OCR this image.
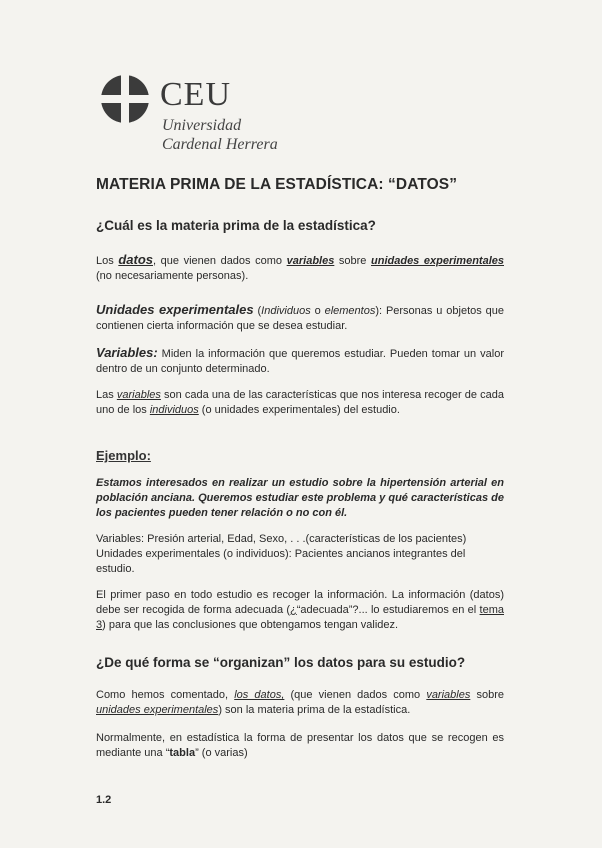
CEU
Universidad
Cardenal Herrera
MATERIA PRIMA DE LA ESTADÍSTICA: “DATOS”
¿Cuál es la materia prima de la estadística?

Los datos, que vienen dados como variables sobre unidades experimentales (no necesariamente personas).

Unidades experimentales (Individuos o elementos): Personas u objetos que contienen cierta información que se desea estudiar.

Variables: Miden la información que queremos estudiar. Pueden tomar un valor dentro de un conjunto determinado.

Las variables son cada una de las características que nos interesa recoger de cada uno de los individuos (o unidades experimentales) del estudio.

Ejemplo:

Estamos interesados en realizar un estudio sobre la hipertensión arterial en población anciana. Queremos estudiar este problema y qué características de los pacientes pueden tener relación o no con él.

Variables: Presión arterial, Edad, Sexo, . . .(características de los pacientes)

Unidades experimentales (o individuos): Pacientes ancianos integrantes del estudio.

El primer paso en todo estudio es recoger la información. La información (datos) debe ser recogida de forma adecuada (¿“adecuada”?... lo estudiaremos en el tema 3) para que las conclusiones que obtengamos tengan validez.

¿De qué forma se “organizan” los datos para su estudio?

Como hemos comentado, los datos, (que vienen dados como variables sobre unidades experimentales) son la materia prima de la estadística.

Normalmente, en estadística la forma de presentar los datos que se recogen es mediante una “tabla” (o varias)

1.2
